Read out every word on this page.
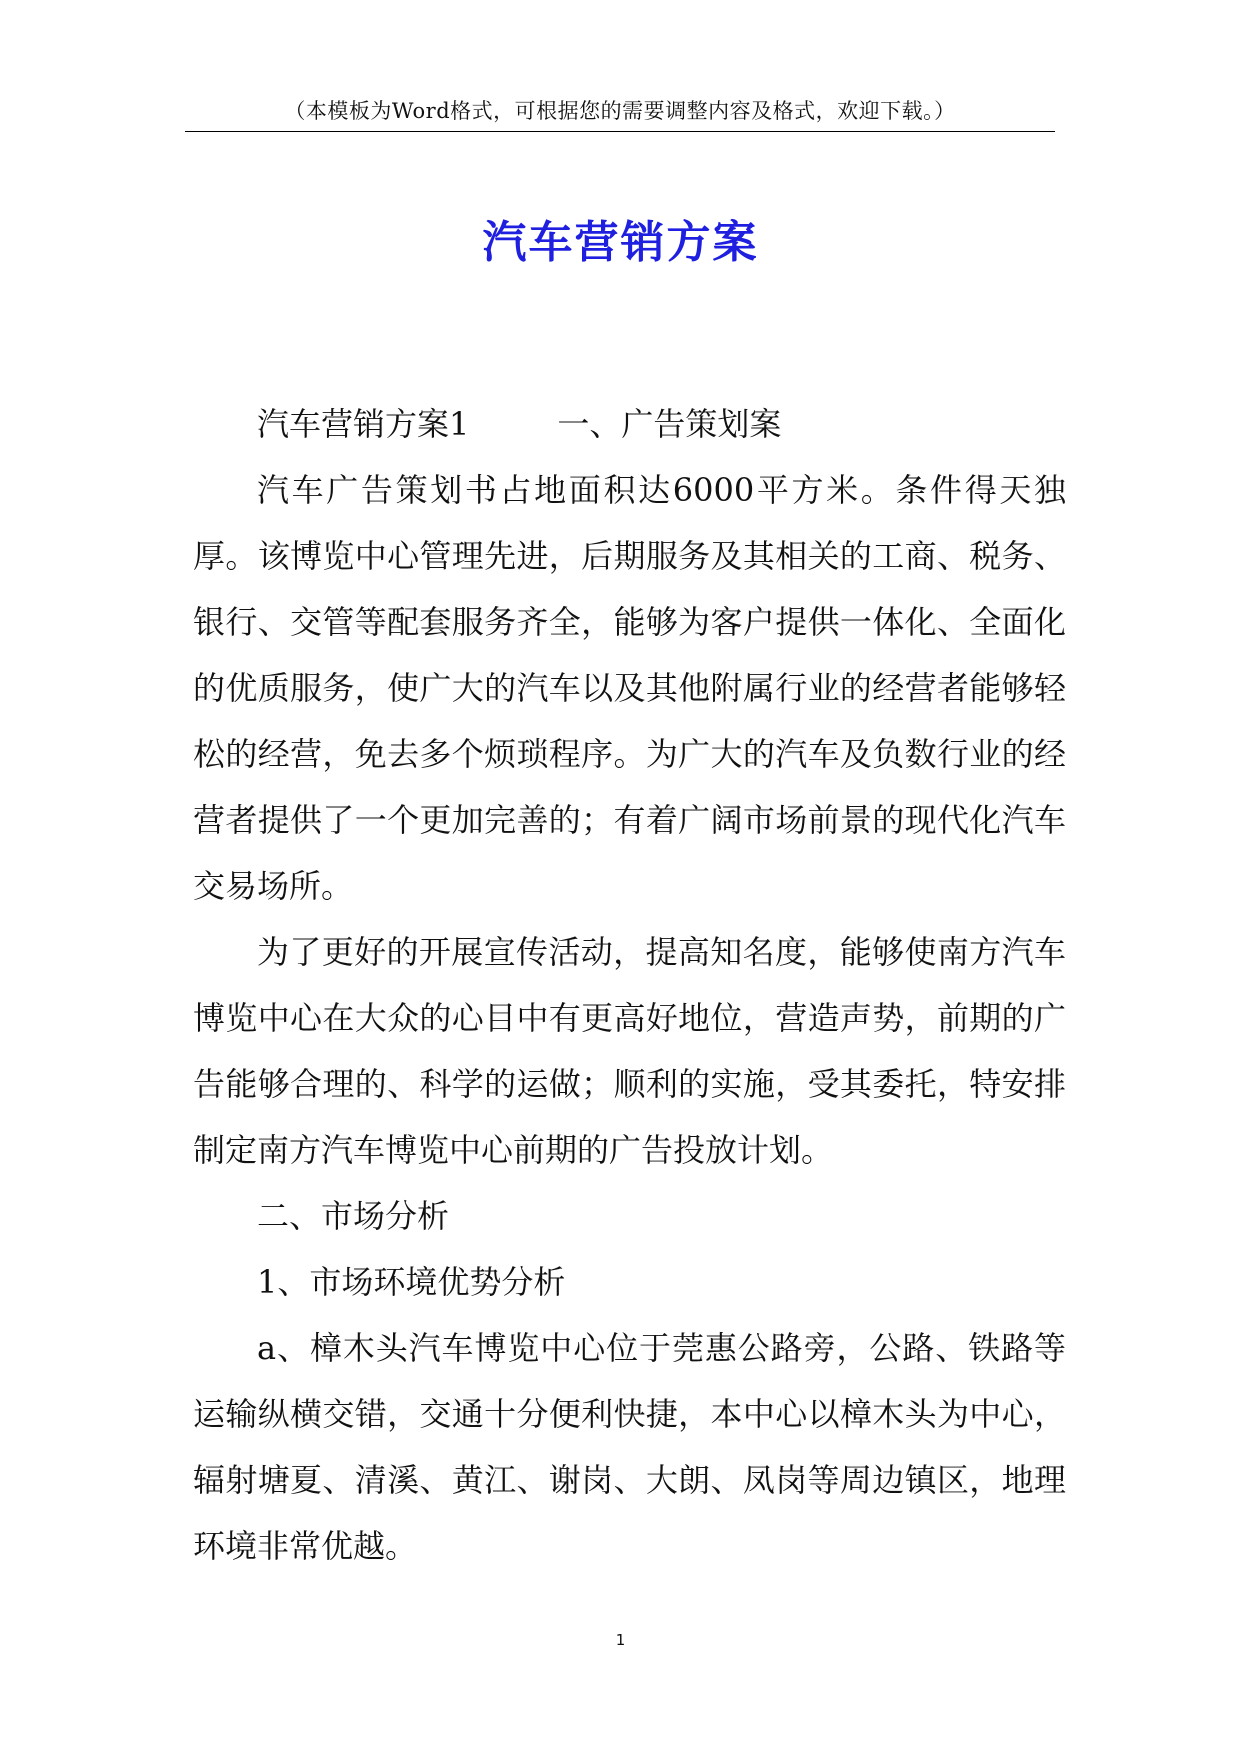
（本模板为Word格式，可根据您的需要调整内容及格式，欢迎下载。）
汽车营销方案

汽车营销方案1	一、广告策划案

汽车广告策划书占地面积达6000平方米。条件得天独厚。该博览中心管理先进，后期服务及其相关的工商、税务、银行、交管等配套服务齐全，能够为客户提供一体化、全面化的优质服务，使广大的汽车以及其他附属行业的经营者能够轻松的经营，免去多个烦琐程序。为广大的汽车及负数行业的经营者提供了一个更加完善的；有着广阔市场前景的现代化汽车交易场所。

为了更好的开展宣传活动，提高知名度，能够使南方汽车博览中心在大众的心目中有更高好地位，营造声势，前期的广告能够合理的、科学的运做；顺利的实施，受其委托，特安排制定南方汽车博览中心前期的广告投放计划。

二、市场分析

1、市场环境优势分析

a、樟木头汽车博览中心位于莞惠公路旁，公路、铁路等运输纵横交错，交通十分便利快捷，本中心以樟木头为中心，辐射塘夏、清溪、黄江、谢岗、大朗、凤岗等周边镇区，地理环境非常优越。

1
